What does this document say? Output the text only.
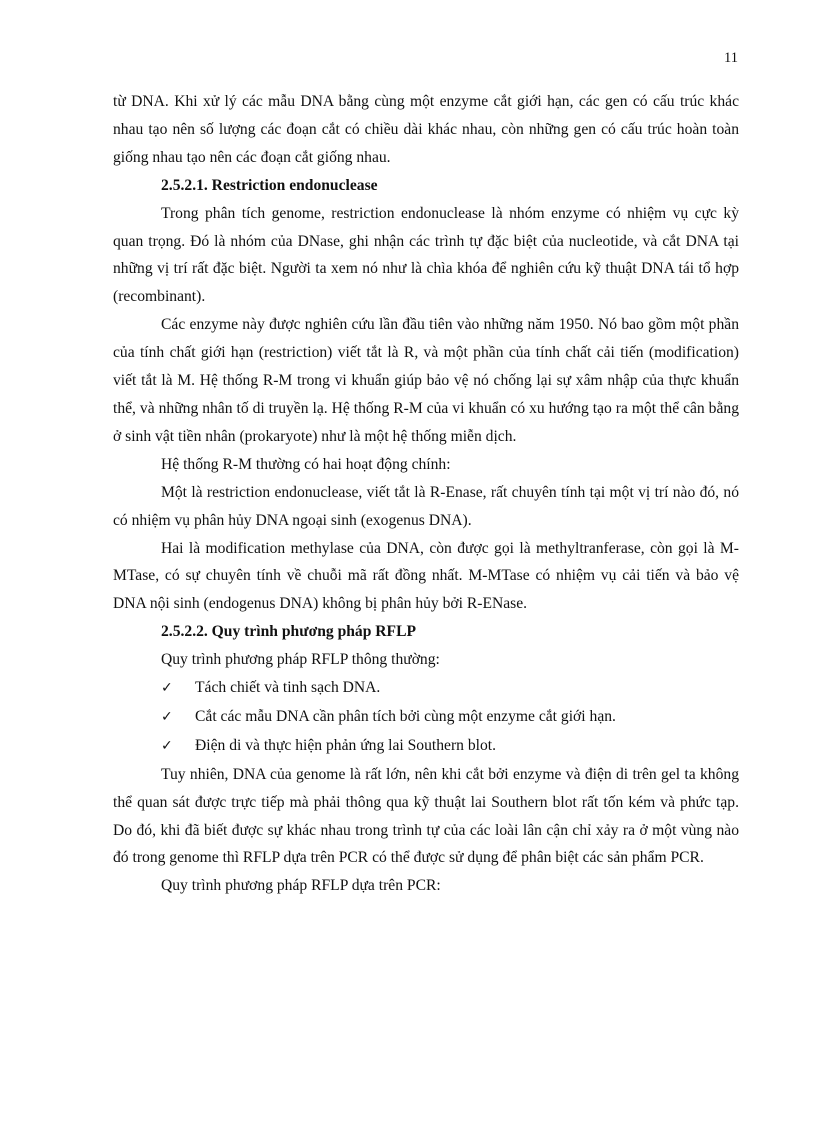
11

từ DNA. Khi xử lý các mẫu DNA bằng cùng một enzyme cắt giới hạn, các gen có cấu trúc khác nhau tạo nên số lượng các đoạn cắt có chiều dài khác nhau, còn những gen có cấu trúc hoàn toàn giống nhau tạo nên các đoạn cắt giống nhau.

2.5.2.1. Restriction endonuclease

Trong phân tích genome, restriction endonuclease là nhóm enzyme có nhiệm vụ cực kỳ quan trọng. Đó là nhóm của DNase, ghi nhận các trình tự đặc biệt của nucleotide, và cắt DNA tại những vị trí rất đặc biệt. Người ta xem nó như là chìa khóa để nghiên cứu kỹ thuật DNA tái tổ hợp (recombinant).

Các enzyme này được nghiên cứu lần đầu tiên vào những năm 1950. Nó bao gồm một phần của tính chất giới hạn (restriction) viết tắt là R, và một phần của tính chất cải tiến (modification) viết tắt là M. Hệ thống R-M trong vi khuẩn giúp bảo vệ nó chống lại sự xâm nhập của thực khuẩn thể, và những nhân tố di truyền lạ. Hệ thống R-M của vi khuẩn có xu hướng tạo ra một thể cân bằng ở sinh vật tiền nhân (prokaryote) như là một hệ thống miễn dịch.

Hệ thống R-M thường có hai hoạt động chính:

Một là restriction endonuclease, viết tắt là R-Enase, rất chuyên tính tại một vị trí nào đó, nó có nhiệm vụ phân hủy DNA ngoại sinh (exogenus DNA).

Hai là modification methylase của DNA, còn được gọi là methyltranferase, còn gọi là M-MTase, có sự chuyên tính về chuỗi mã rất đồng nhất. M-MTase có nhiệm vụ cải tiến và bảo vệ DNA nội sinh (endogenus DNA) không bị phân hủy bởi R-ENase.

2.5.2.2. Quy trình phương pháp RFLP

Quy trình phương pháp RFLP thông thường:

✓	Tách chiết và tinh sạch DNA.
✓	Cắt các mẫu DNA cần phân tích bởi cùng một enzyme cắt giới hạn.
✓	Điện di và thực hiện phản ứng lai Southern blot.

Tuy nhiên, DNA của genome là rất lớn, nên khi cắt bởi enzyme và điện di trên gel ta không thể quan sát được trực tiếp mà phải thông qua kỹ thuật lai Southern blot rất tốn kém và phức tạp. Do đó, khi đã biết được sự khác nhau trong trình tự của các loài lân cận chỉ xảy ra ở một vùng nào đó trong genome thì RFLP dựa trên PCR có thể được sử dụng để phân biệt các sản phẩm PCR.

Quy trình phương pháp RFLP dựa trên PCR:
